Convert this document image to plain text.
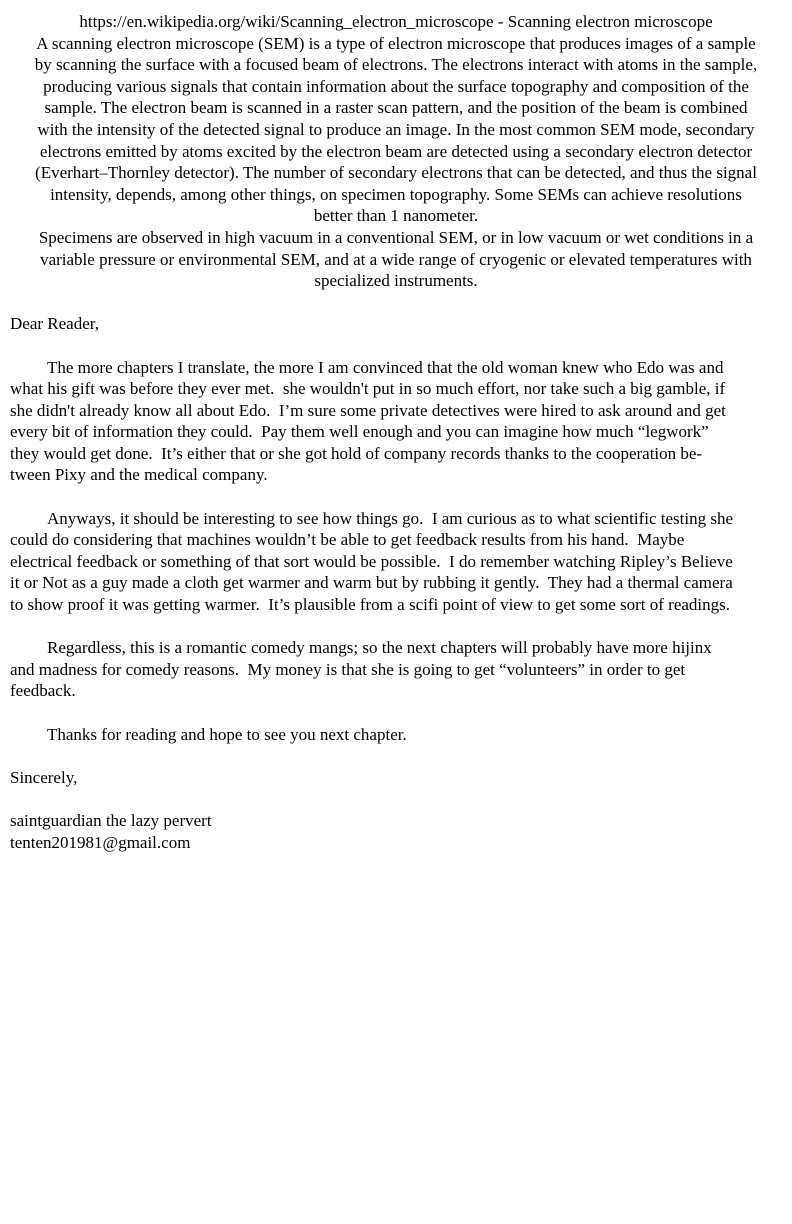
https://en.wikipedia.org/wiki/Scanning_electron_microscope - Scanning electron microscope
A scanning electron microscope (SEM) is a type of electron microscope that produces images of a sample
by scanning the surface with a focused beam of electrons. The electrons interact with atoms in the sample,
producing various signals that contain information about the surface topography and composition of the
sample. The electron beam is scanned in a raster scan pattern, and the position of the beam is combined
with the intensity of the detected signal to produce an image. In the most common SEM mode, secondary
electrons emitted by atoms excited by the electron beam are detected using a secondary electron detector
(Everhart–Thornley detector). The number of secondary electrons that can be detected, and thus the signal
intensity, depends, among other things, on specimen topography. Some SEMs can achieve resolutions
better than 1 nanometer.
Specimens are observed in high vacuum in a conventional SEM, or in low vacuum or wet conditions in a
variable pressure or environmental SEM, and at a wide range of cryogenic or elevated temperatures with
specialized instruments.
Dear Reader,
The more chapters I translate, the more I am convinced that the old woman knew who Edo was and
what his gift was before they ever met.  she wouldn't put in so much effort, nor take such a big gamble, if
she didn't already know all about Edo.  I’m sure some private detectives were hired to ask around and get
every bit of information they could.  Pay them well enough and you can imagine how much “legwork”
they would get done.  It’s either that or she got hold of company records thanks to the cooperation be-
tween Pixy and the medical company.
Anyways, it should be interesting to see how things go.  I am curious as to what scientific testing she
could do considering that machines wouldn’t be able to get feedback results from his hand.  Maybe
electrical feedback or something of that sort would be possible.  I do remember watching Ripley’s Believe
it or Not as a guy made a cloth get warmer and warm but by rubbing it gently.  They had a thermal camera
to show proof it was getting warmer.  It’s plausible from a scifi point of view to get some sort of readings.
Regardless, this is a romantic comedy mangs; so the next chapters will probably have more hijinx
and madness for comedy reasons.  My money is that she is going to get “volunteers” in order to get
feedback.
Thanks for reading and hope to see you next chapter.
Sincerely,
saintguardian the lazy pervert
tenten201981@gmail.com
